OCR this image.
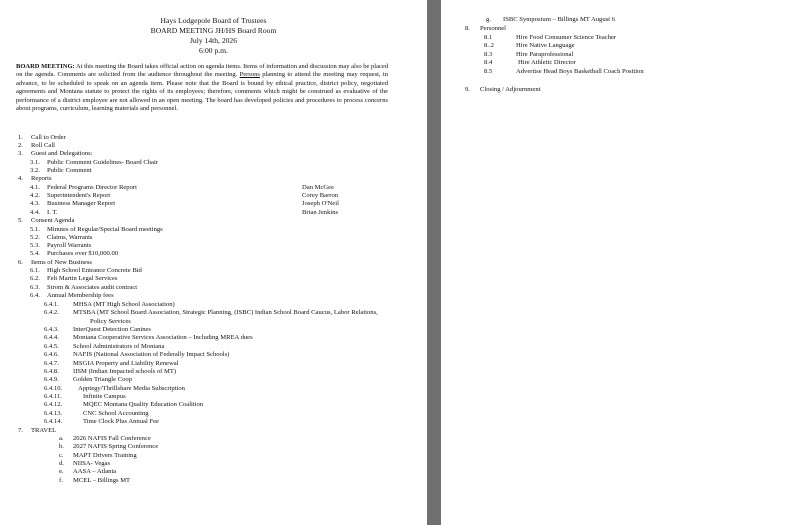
Hays Lodgepole Board of Trustees
BOARD MEETING JH/HS Board Room
July 14th, 2026
6:00 p.m.
BOARD MEETING: At this meeting the Board takes official action on agenda items. Items of information and discussion may also be placed on the agenda. Comments are solicited from the audience throughout the meeting. Persons planning to attend the meeting may request, in advance, to be scheduled to speak on an agenda item. Please note that the Board is bound by ethical practice, district policy, negotiated agreements and Montana statute to protect the rights of its employees; therefore, comments which might be construed as evaluative of the performance of a district employee are not allowed in an open meeting. The board has developed policies and procedures to process concerns about programs, curriculum, learning materials and personnel.
1. Call to Order
2. Roll Call
3. Guest and Delegations:
3.1. Public Comment Guidelines- Board Chair
3.2. Public Comment
4. Reports
4.1. Federal Programs Director Report	Dan McGee
4.2. Superintendent's Report	Corey Barron
4.3. Business Manager Report	Joseph O'Neil
4.4. I. T.	Brian Jenkins
5. Consent Agenda
5.1. Minutes of Regular/Special Board meetings
5.2. Claims, Warrants
5.3. Payroll Warrants
5.4. Purchases over $10,000.00
6. Items of New Business
6.1. High School Entrance Concrete Bid
6.2. Felt Martin Legal Services
6.3. Strom & Associates audit contract
6.4. Annual Membership fees
6.4.1. MHSA (MT High School Association)
6.4.2. MTSBA (MT School Board Association, Strategic Planning, (ISBC) Indian School Board Caucus, Labor Relations,
Policy Services
6.4.3. InterQuest Detection Canines
6.4.4. Montana Cooperative Services Association – Including MREA dues
6.4.5. School Administrators of Montana
6.4.6. NAFIS (National Association of Federally Impact Schools)
6.4.7. MSGIA Property and Liability Renewal
6.4.8. IISM (Indian Impacted schools of MT)
6.4.9. Golden Triangle Coop
6.4.10. Apptegy/Thrillshare Media Subscription
6.4.11.	Infinite Campus
6.4.12.	MQEC Montana Quality Education Coalition
6.4.13.	CNC School Accounting
6.4.14.	Time Clock Plus Annual Fee
7. TRAVEL
a. 2026 NAFIS Fall Conference
b. 2027 NAFIS Spring Conference
c. MAPT Drivers Training
d. NIISA- Vegas
e. AASA – Atlanta
f. MCEL – Billings MT
g. ISBC Symposium – Billings MT August 6
8. Personnel
8.1	Hire Food Consumer Science Teacher
8..2	Hire Native Language
8.3	Hire Paraprofessional
8.4	Hire Athletic Director
8.5	Advertise Head Boys Basketball Coach Position
9. Closing / Adjournment
